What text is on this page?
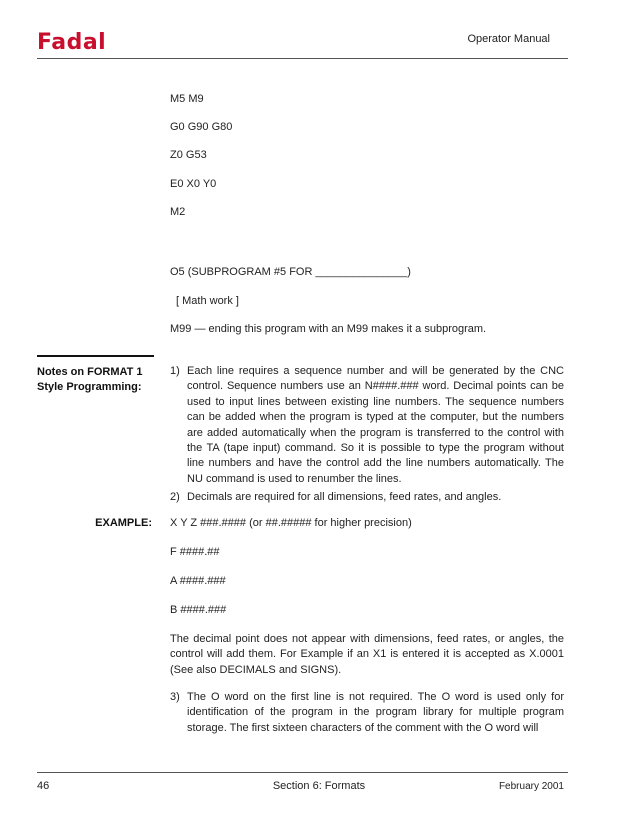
Fadal	Operator Manual
M5 M9
G0 G90 G80
Z0 G53
E0 X0 Y0
M2
O5 (SUBPROGRAM #5 FOR _______________)
[ Math work ]
M99 — ending this program with an M99 makes it a subprogram.
Notes on FORMAT 1
Style Programming:
1) Each line requires a sequence number and will be generated by the CNC control. Sequence numbers use an N####.### word. Decimal points can be used to input lines between existing line numbers. The sequence numbers can be added when the program is typed at the computer, but the numbers are added automatically when the program is transferred to the control with the TA (tape input) command. So it is possible to type the program without line numbers and have the control add the line numbers automatically. The NU command is used to renumber the lines.
2) Decimals are required for all dimensions, feed rates, and angles.
EXAMPLE: X Y Z ###.#### (or ##.##### for higher precision)
F ####.##
A ####.###
B ####.###
The decimal point does not appear with dimensions, feed rates, or angles, the control will add them. For Example if an X1 is entered it is accepted as X.0001 (See also DECIMALS and SIGNS).
3) The O word on the first line is not required. The O word is used only for identification of the program in the program library for multiple program storage. The first sixteen characters of the comment with the O word will
46	Section 6: Formats	February 2001
